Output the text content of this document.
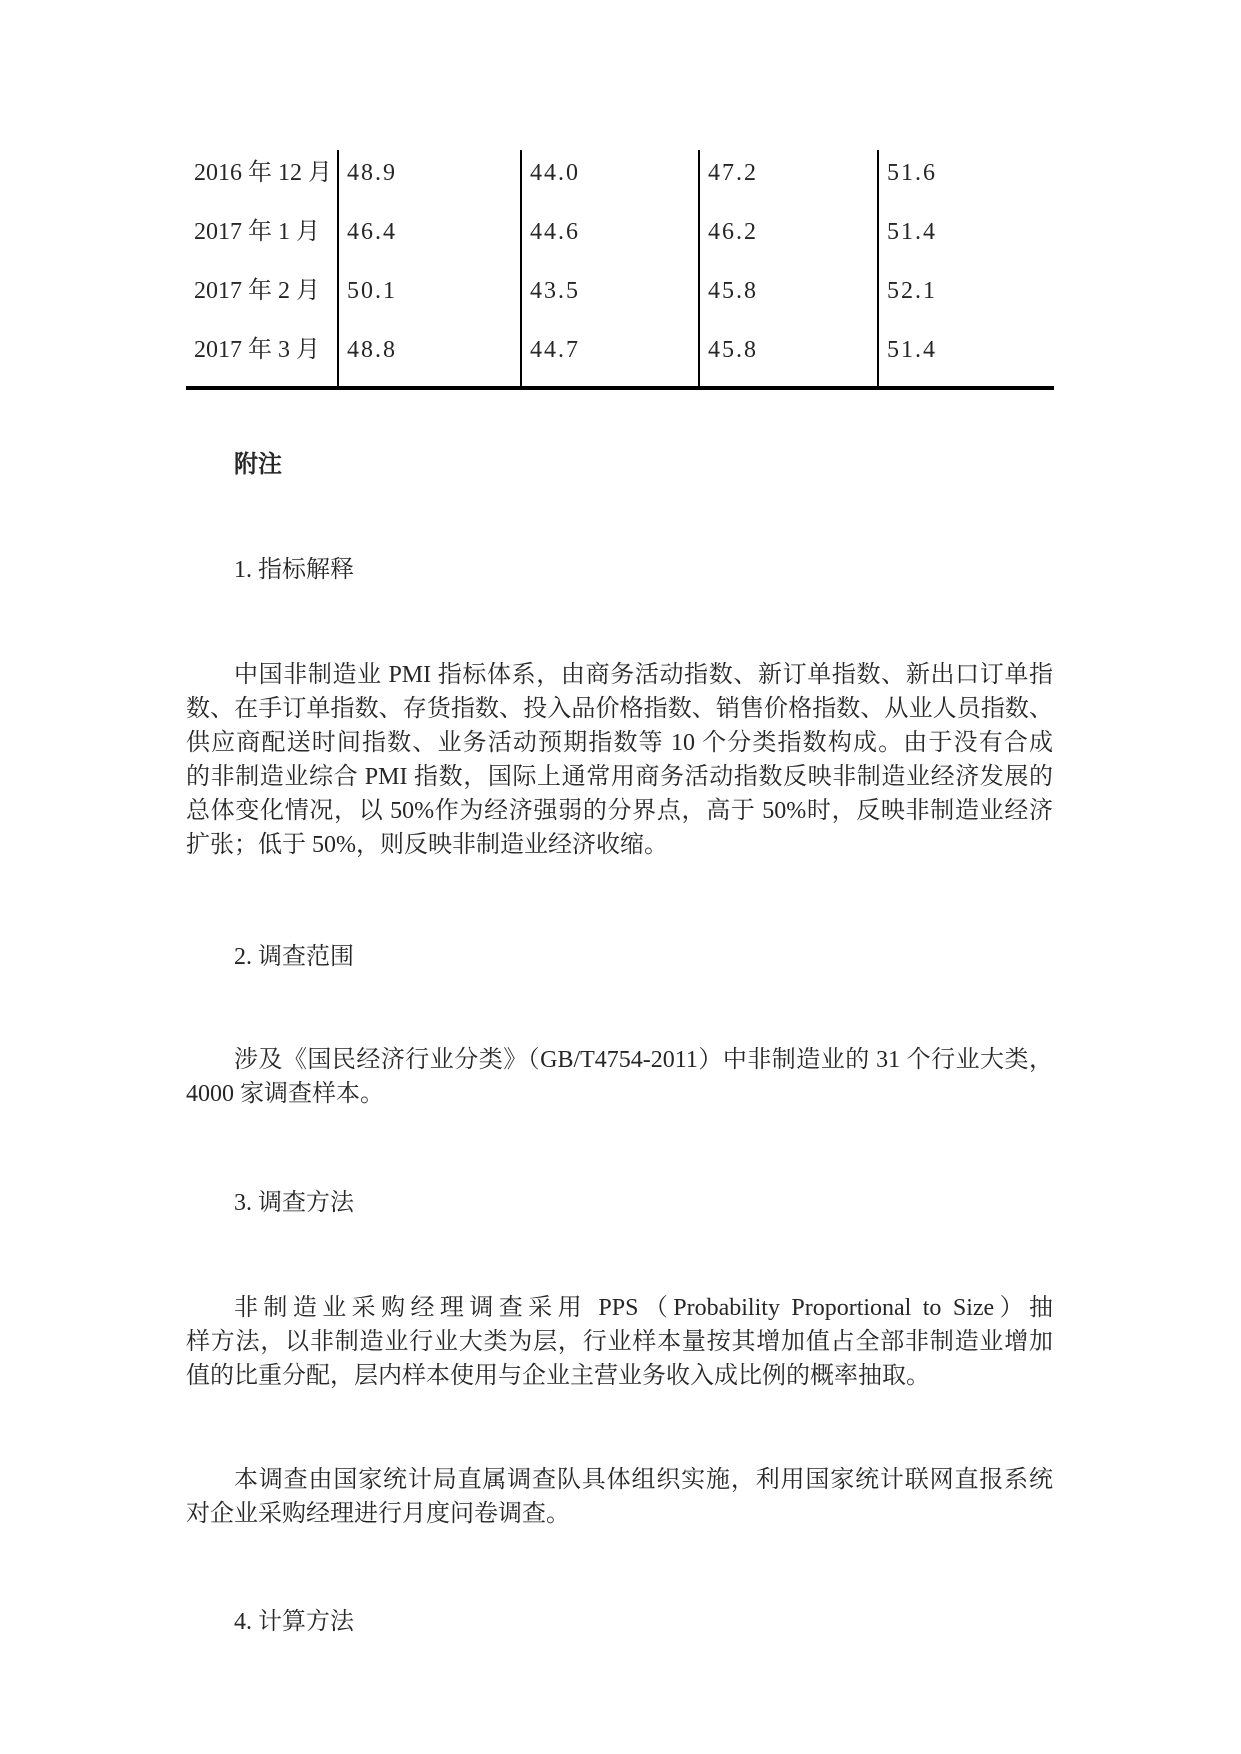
2016 年 12 月	48.9	44.0	47.2	51.6
2017 年 1 月	46.4	44.6	46.2	51.4
2017 年 2 月	50.1	43.5	45.8	52.1
2017 年 3 月	48.8	44.7	45.8	51.4
附注
1. 指标解释
中国非制造业 PMI 指标体系，由商务活动指数、新订单指数、新出口订单指
数、在手订单指数、存货指数、投入品价格指数、销售价格指数、从业人员指数、
供应商配送时间指数、业务活动预期指数等 10 个分类指数构成。由于没有合成
的非制造业综合 PMI 指数，国际上通常用商务活动指数反映非制造业经济发展的
总体变化情况，以 50%作为经济强弱的分界点，高于 50%时，反映非制造业经济
扩张；低于 50%，则反映非制造业经济收缩。
2. 调查范围
涉及《国民经济行业分类》（GB/T4754-2011）中非制造业的 31 个行业大类，
4000 家调查样本。
3. 调查方法
非制造业采购经理调查采用 PPS（Probability Proportional to Size）抽
样方法，以非制造业行业大类为层，行业样本量按其增加值占全部非制造业增加
值的比重分配，层内样本使用与企业主营业务收入成比例的概率抽取。
本调查由国家统计局直属调查队具体组织实施，利用国家统计联网直报系统
对企业采购经理进行月度问卷调查。
4. 计算方法
